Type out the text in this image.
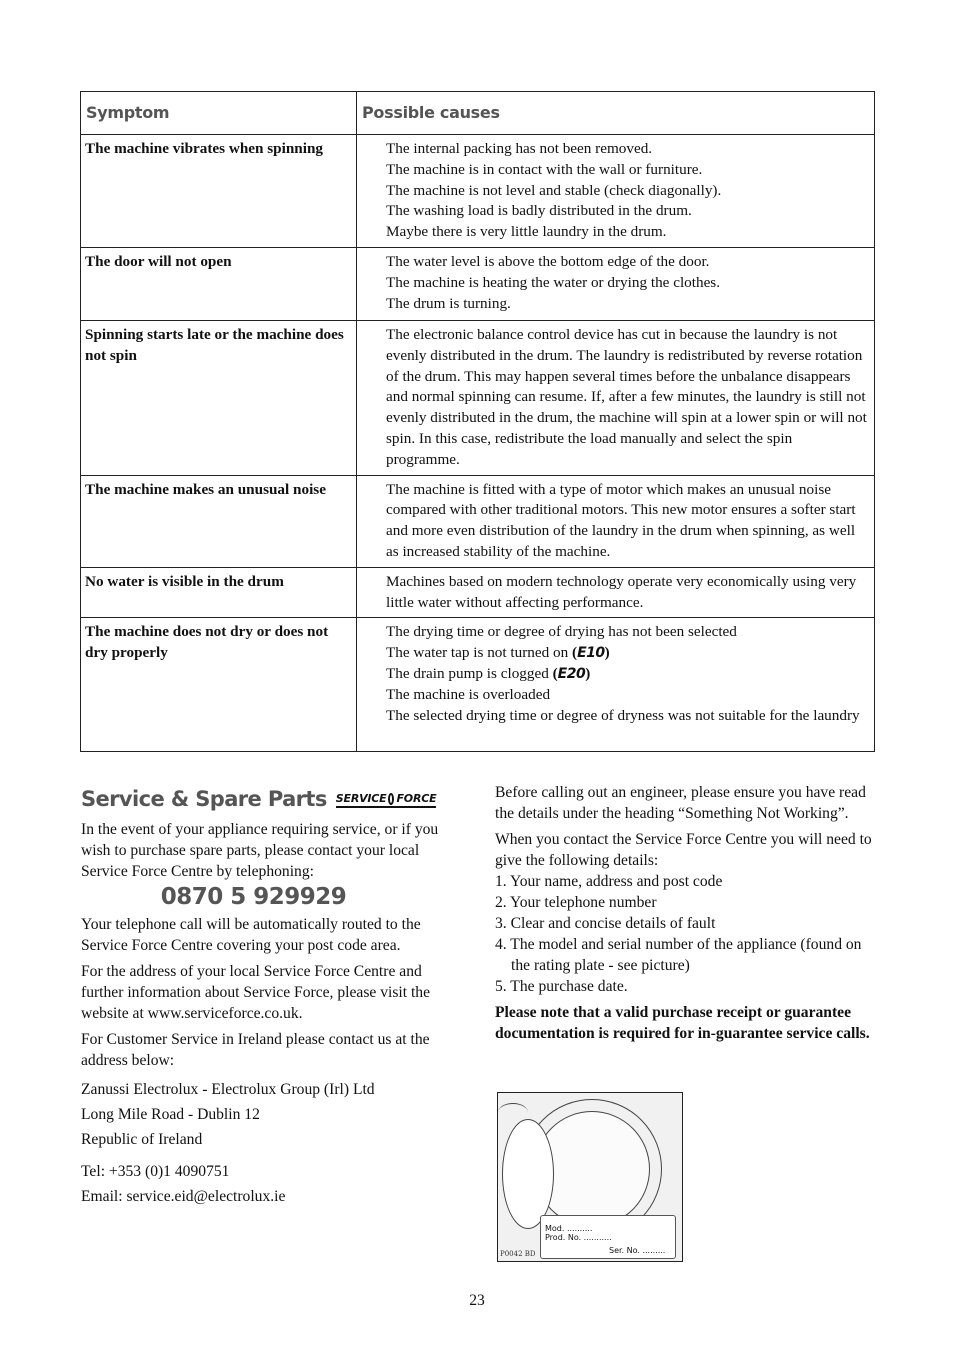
Symptom	Possible causes
The machine vibrates when spinning	The internal packing has not been removed.
The machine is in contact with the wall or furniture.
The machine is not level and stable (check diagonally).
The washing load is badly distributed in the drum.
Maybe there is very little laundry in the drum.

The door will not open	The water level is above the bottom edge of the door.
The machine is heating the water or drying the clothes.
The drum is turning.

Spinning starts late or the machine does not spin	The electronic balance control device has cut in because the laundry is not evenly distributed in the drum. The laundry is redistributed by reverse rotation of the drum. This may happen several times before the unbalance disappears and normal spinning can resume. If, after a few minutes, the laundry is still not evenly distributed in the drum, the machine will spin at a lower spin or will not spin. In this case, redistribute the load manually and select the spin programme.

The machine makes an unusual noise	The machine is fitted with a type of motor which makes an unusual noise compared with other traditional motors. This new motor ensures a softer start and more even distribution of the laundry in the drum when spinning, as well as increased stability of the machine.

No water is visible in the drum	Machines based on modern technology operate very economically using very little water without affecting performance.

The machine does not dry or does not dry properly	The drying time or degree of drying has not been selected
The water tap is not turned on (E10)
The drain pump is clogged (E20)
The machine is overloaded
The selected drying time or degree of dryness was not suitable for the laundry
Service & Spare Parts SERVICE FORCE

In the event of your appliance requiring service, or if you wish to purchase spare parts, please contact your local Service Force Centre by telephoning:

0870 5 929929

Your telephone call will be automatically routed to the Service Force Centre covering your post code area.

For the address of your local Service Force Centre and further information about Service Force, please visit the website at www.serviceforce.co.uk.

For Customer Service in Ireland please contact us at the address below:

Zanussi Electrolux - Electrolux Group (Irl) Ltd

Long Mile Road - Dublin 12

Republic of Ireland

Tel: +353 (0)1 4090751

Email: service.eid@electrolux.ie

Before calling out an engineer, please ensure you have read the details under the heading “Something Not Working”.

When you contact the Service Force Centre you will need to give the following details:

1. Your name, address and post code
2. Your telephone number
3. Clear and concise details of fault
4. The model and serial number of the appliance (found on the rating plate - see picture)
5. The purchase date.

Please note that a valid purchase receipt or guarantee documentation is required for in-guarantee service calls.

Mod. ..........
Prod. No. ...........
Ser. No. .........
P0042 BD
23
